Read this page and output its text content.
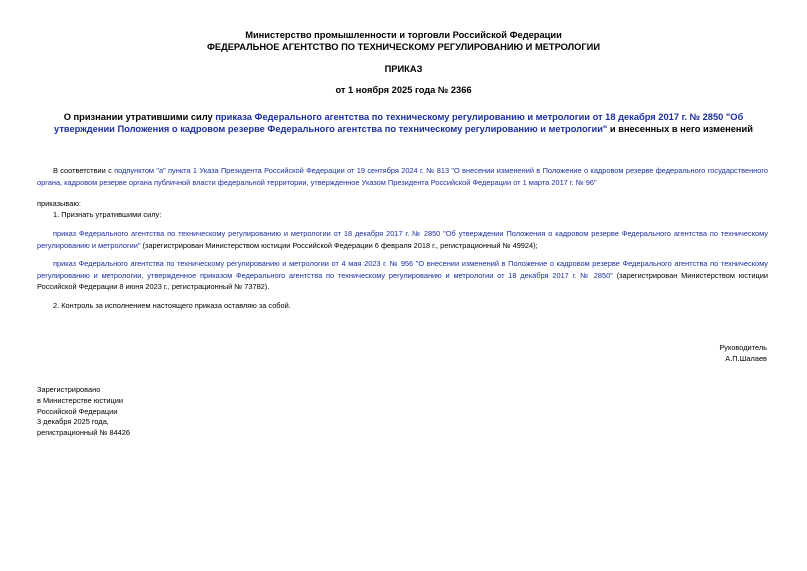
Министерство промышленности и торговли Российской Федерации
ФЕДЕРАЛЬНОЕ АГЕНТСТВО ПО ТЕХНИЧЕСКОМУ РЕГУЛИРОВАНИЮ И МЕТРОЛОГИИ
ПРИКАЗ
от 1 ноября 2025 года № 2366
О признании утратившими силу приказа Федерального агентства по техническому регулированию и метрологии от 18 декабря 2017 г. № 2850 "Об утверждении Положения о кадровом резерве Федерального агентства по техническому регулированию и метрологии" и внесенных в него изменений
В соответствии с подпунктом "а" пункта 1 Указа Президента Российской Федерации от 19 сентября 2024 г. № 813 "О внесении изменений в Положение о кадровом резерве федерального государственного органа, кадровом резерве органа публичной власти федеральной территории, утвержденное Указом Президента Российской Федерации от 1 марта 2017 г. № 96"
приказываю:
1. Признать утратившими силу:
приказ Федерального агентства по техническому регулированию и метрологии от 18 декабря 2017 г. № 2850 "Об утверждении Положения о кадровом резерве Федерального агентства по техническому регулированию и метрологии" (зарегистрирован Министерством юстиции Российской Федерации 6 февраля 2018 г., регистрационный № 49924);
приказ Федерального агентства по техническому регулированию и метрологии от 4 мая 2023 г. № 956 "О внесении изменений в Положение о кадровом резерве Федерального агентства по техническому регулированию и метрологии, утвержденное приказом Федерального агентства по техническому регулированию и метрологии от 18 декабря 2017 г. № 2850" (зарегистрирован Министерством юстиции Российской Федерации 8 июня 2023 г., регистрационный № 73782).
2. Контроль за исполнением настоящего приказа оставляю за собой.
Руководитель
А.П.Шалаев
Зарегистрировано
в Министерстве юстиции
Российской Федерации
3 декабря 2025 года,
регистрационный № 84426
